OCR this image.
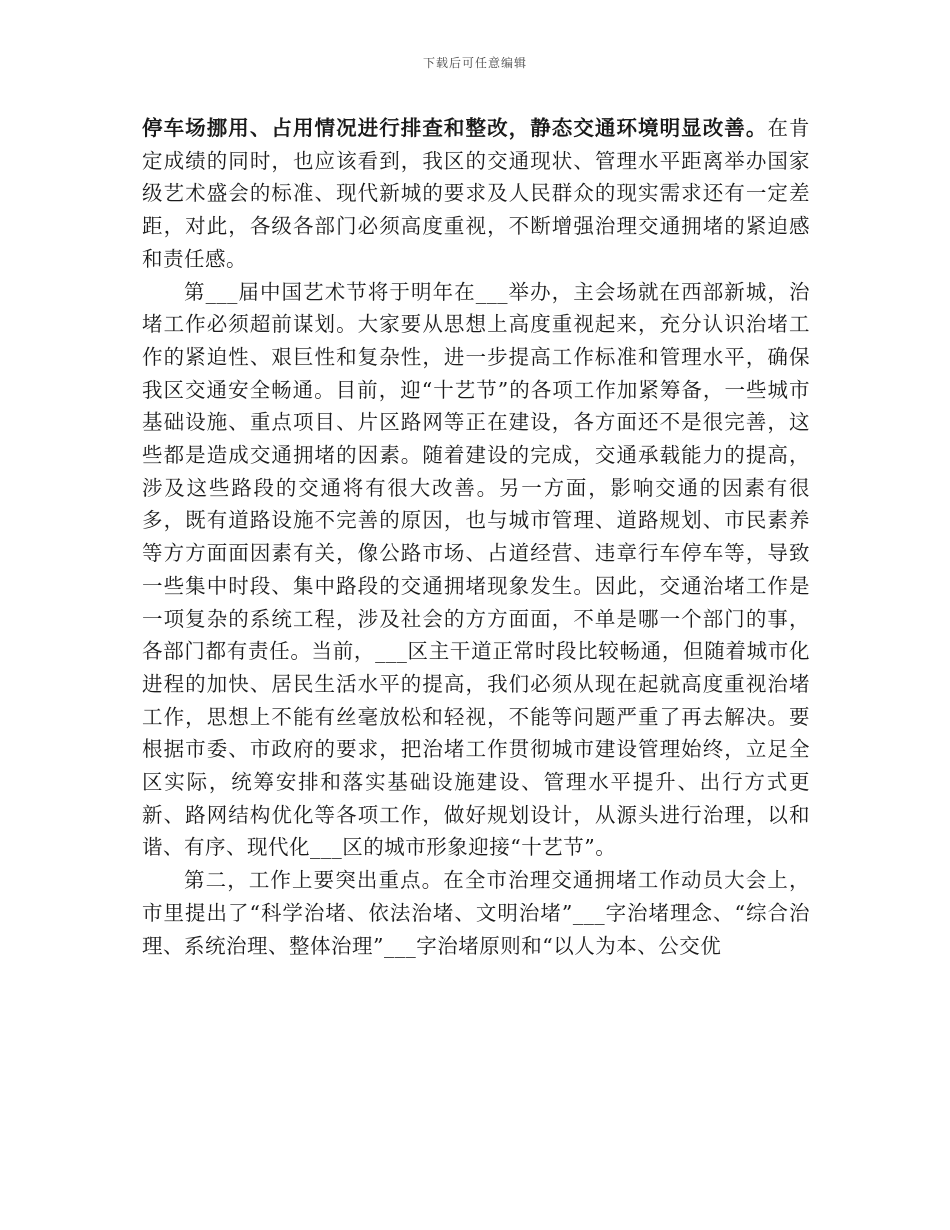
下载后可任意编辑

停车场挪用、占用情况进行排查和整改，静态交通环境明显改善。在肯定成绩的同时，也应该看到，我区的交通现状、管理水平距离举办国家级艺术盛会的标准、现代新城的要求及人民群众的现实需求还有一定差距，对此，各级各部门必须高度重视，不断增强治理交通拥堵的紧迫感和责任感。

第___届中国艺术节将于明年在___举办，主会场就在西部新城，治堵工作必须超前谋划。大家要从思想上高度重视起来，充分认识治堵工作的紧迫性、艰巨性和复杂性，进一步提高工作标准和管理水平，确保我区交通安全畅通。目前，迎“十艺节”的各项工作加紧筹备，一些城市基础设施、重点项目、片区路网等正在建设，各方面还不是很完善，这些都是造成交通拥堵的因素。随着建设的完成，交通承载能力的提高，涉及这些路段的交通将有很大改善。另一方面，影响交通的因素有很多，既有道路设施不完善的原因，也与城市管理、道路规划、市民素养等方方面面因素有关，像公路市场、占道经营、违章行车停车等，导致一些集中时段、集中路段的交通拥堵现象发生。因此，交通治堵工作是一项复杂的系统工程，涉及社会的方方面面，不单是哪一个部门的事，各部门都有责任。当前，___区主干道正常时段比较畅通，但随着城市化进程的加快、居民生活水平的提高，我们必须从现在起就高度重视治堵工作，思想上不能有丝毫放松和轻视，不能等问题严重了再去解决。要根据市委、市政府的要求，把治堵工作贯彻城市建设管理始终，立足全区实际，统筹安排和落实基础设施建设、管理水平提升、出行方式更新、路网结构优化等各项工作，做好规划设计，从源头进行治理，以和谐、有序、现代化___区的城市形象迎接“十艺节”。

第二，工作上要突出重点。在全市治理交通拥堵工作动员大会上，市里提出了“科学治堵、依法治堵、文明治堵”___字治堵理念、“综合治理、系统治理、整体治理”___字治堵原则和“以人为本、公交优
